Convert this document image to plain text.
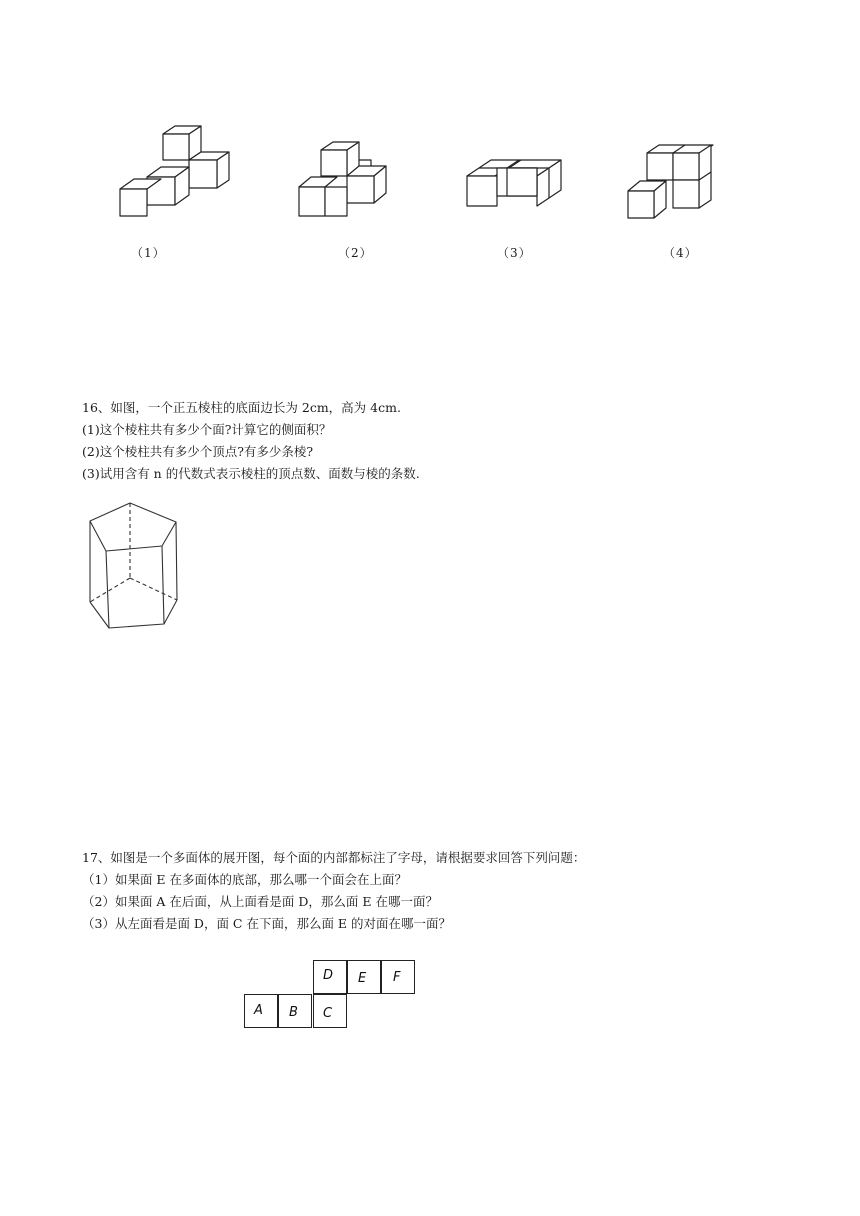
（1）	（2）	（3）	（4）
16、如图，一个正五棱柱的底面边长为 2cm，高为 4cm.
(1)这个棱柱共有多少个面?计算它的侧面积？
(2)这个棱柱共有多少个顶点?有多少条棱?
(3)试用含有 n 的代数式表示棱柱的顶点数、面数与棱的条数.
17、如图是一个多面体的展开图，每个面的内部都标注了字母，请根据要求回答下列问题：
（1）如果面 E 在多面体的底部，那么哪一个面会在上面？
（2）如果面 A 在后面，从上面看是面 D，那么面 E 在哪一面？
（3）从左面看是面 D，面 C 在下面，那么面 E 的对面在哪一面？
D E F
A B C
